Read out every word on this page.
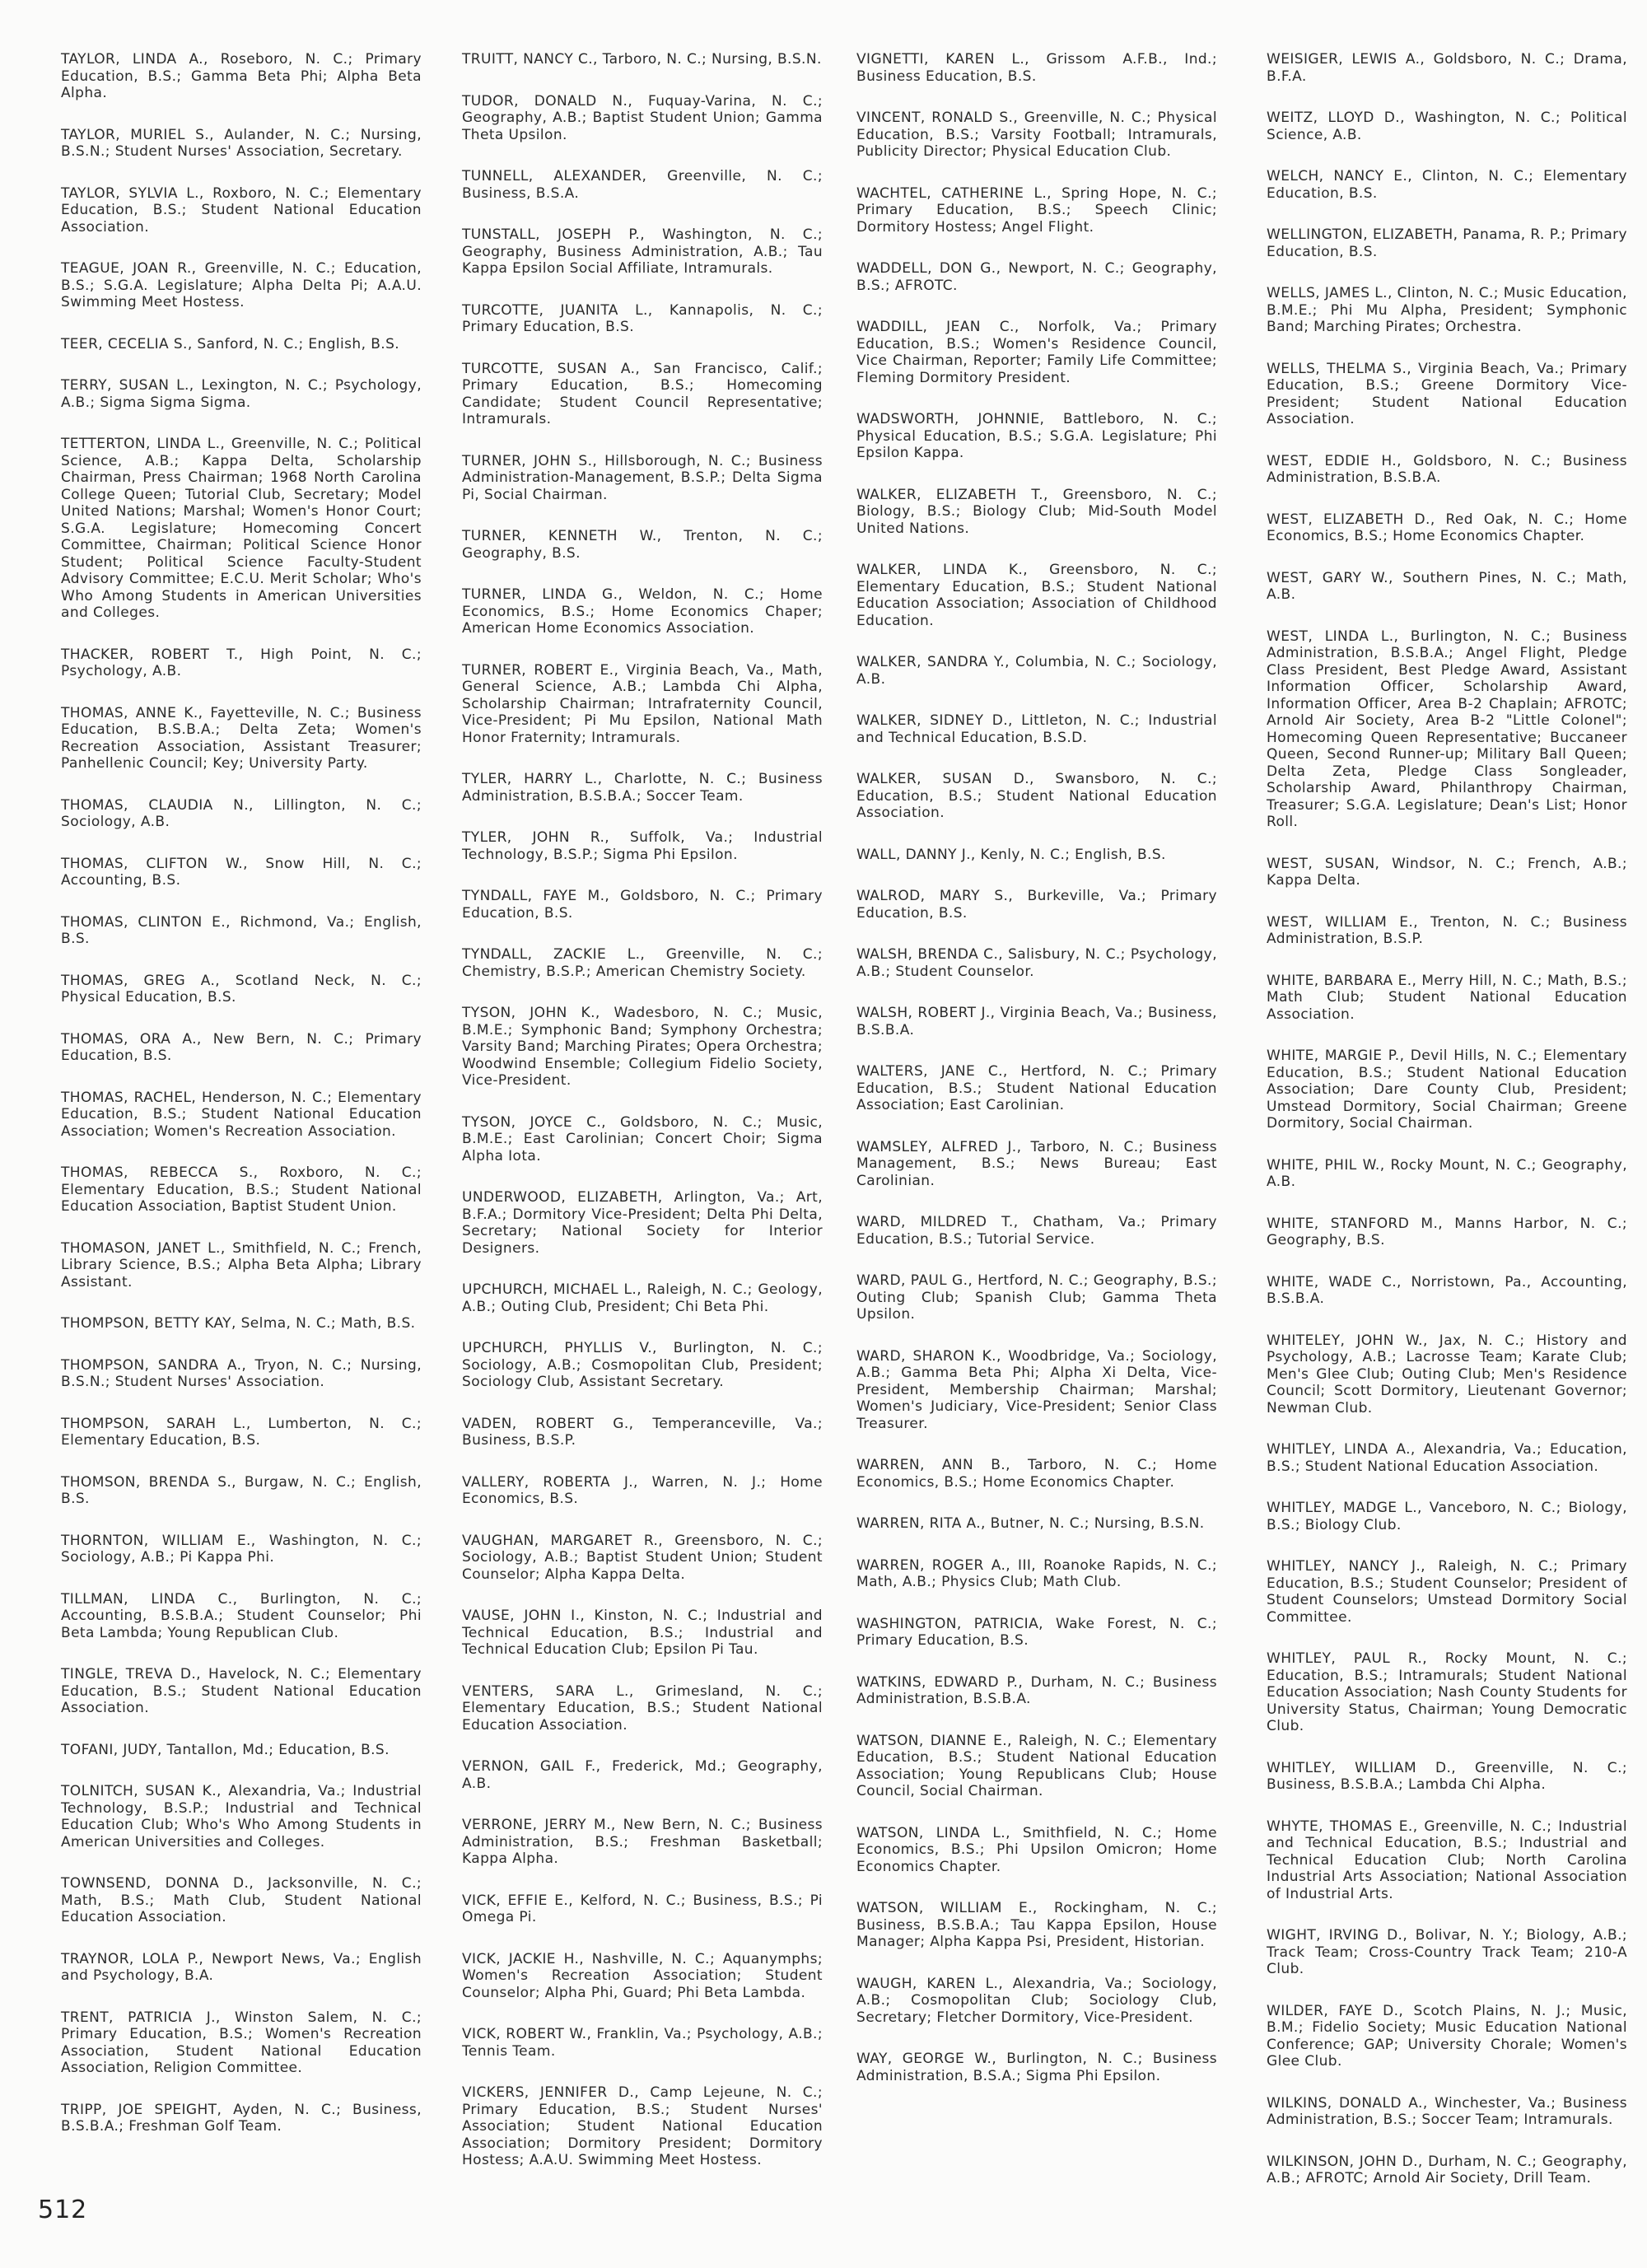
TAYLOR, LINDA A., Roseboro, N. C.; Primary Education, B.S.; Gamma Beta Phi; Alpha Beta Alpha.

TAYLOR, MURIEL S., Aulander, N. C.; Nursing, B.S.N.; Student Nurses' Association, Secretary.

TAYLOR, SYLVIA L., Roxboro, N. C.; Elementary Education, B.S.; Student National Education Association.

TEAGUE, JOAN R., Greenville, N. C.; Education, B.S.; S.G.A. Legislature; Alpha Delta Pi; A.A.U. Swimming Meet Hostess.

TEER, CECELIA S., Sanford, N. C.; English, B.S.

TERRY, SUSAN L., Lexington, N. C.; Psychology, A.B.; Sigma Sigma Sigma.

TETTERTON, LINDA L., Greenville, N. C.; Political Science, A.B.; Kappa Delta, Scholarship Chairman, Press Chairman; 1968 North Carolina College Queen; Tutorial Club, Secretary; Model United Nations; Marshal; Women's Honor Court; S.G.A. Legislature; Homecoming Concert Committee, Chairman; Political Science Honor Student; Political Science Faculty-Student Advisory Committee; E.C.U. Merit Scholar; Who's Who Among Students in American Universities and Colleges.

THACKER, ROBERT T., High Point, N. C.; Psychology, A.B.

THOMAS, ANNE K., Fayetteville, N. C.; Business Education, B.S.B.A.; Delta Zeta; Women's Recreation Association, Assistant Treasurer; Panhellenic Council; Key; University Party.

THOMAS, CLAUDIA N., Lillington, N. C.; Sociology, A.B.

THOMAS, CLIFTON W., Snow Hill, N. C.; Accounting, B.S.

THOMAS, CLINTON E., Richmond, Va.; English, B.S.

THOMAS, GREG A., Scotland Neck, N. C.; Physical Education, B.S.

THOMAS, ORA A., New Bern, N. C.; Primary Education, B.S.

THOMAS, RACHEL, Henderson, N. C.; Elementary Education, B.S.; Student National Education Association; Women's Recreation Association.

THOMAS, REBECCA S., Roxboro, N. C.; Elementary Education, B.S.; Student National Education Association, Baptist Student Union.

THOMASON, JANET L., Smithfield, N. C.; French, Library Science, B.S.; Alpha Beta Alpha; Library Assistant.

THOMPSON, BETTY KAY, Selma, N. C.; Math, B.S.

THOMPSON, SANDRA A., Tryon, N. C.; Nursing, B.S.N.; Student Nurses' Association.

THOMPSON, SARAH L., Lumberton, N. C.; Elementary Education, B.S.

THOMSON, BRENDA S., Burgaw, N. C.; English, B.S.

THORNTON, WILLIAM E., Washington, N. C.; Sociology, A.B.; Pi Kappa Phi.

TILLMAN, LINDA C., Burlington, N. C.; Accounting, B.S.B.A.; Student Counselor; Phi Beta Lambda; Young Republican Club.

TINGLE, TREVA D., Havelock, N. C.; Elementary Education, B.S.; Student National Education Association.

TOFANI, JUDY, Tantallon, Md.; Education, B.S.

TOLNITCH, SUSAN K., Alexandria, Va.; Industrial Technology, B.S.P.; Industrial and Technical Education Club; Who's Who Among Students in American Universities and Colleges.

TOWNSEND, DONNA D., Jacksonville, N. C.; Math, B.S.; Math Club, Student National Education Association.

TRAYNOR, LOLA P., Newport News, Va.; English and Psychology, B.A.

TRENT, PATRICIA J., Winston Salem, N. C.; Primary Education, B.S.; Women's Recreation Association, Student National Education Association, Religion Committee.

TRIPP, JOE SPEIGHT, Ayden, N. C.; Business, B.S.B.A.; Freshman Golf Team.

TRUITT, NANCY C., Tarboro, N. C.; Nursing, B.S.N.

TUDOR, DONALD N., Fuquay-Varina, N. C.; Geography, A.B.; Baptist Student Union; Gamma Theta Upsilon.

TUNNELL, ALEXANDER, Greenville, N. C.; Business, B.S.A.

TUNSTALL, JOSEPH P., Washington, N. C.; Geography, Business Administration, A.B.; Tau Kappa Epsilon Social Affiliate, Intramurals.

TURCOTTE, JUANITA L., Kannapolis, N. C.; Primary Education, B.S.

TURCOTTE, SUSAN A., San Francisco, Calif.; Primary Education, B.S.; Homecoming Candidate; Student Council Representative; Intramurals.

TURNER, JOHN S., Hillsborough, N. C.; Business Administration-Management, B.S.P.; Delta Sigma Pi, Social Chairman.

TURNER, KENNETH W., Trenton, N. C.; Geography, B.S.

TURNER, LINDA G., Weldon, N. C.; Home Economics, B.S.; Home Economics Chaper; American Home Economics Association.

TURNER, ROBERT E., Virginia Beach, Va., Math, General Science, A.B.; Lambda Chi Alpha, Scholarship Chairman; Intrafraternity Council, Vice-President; Pi Mu Epsilon, National Math Honor Fraternity; Intramurals.

TYLER, HARRY L., Charlotte, N. C.; Business Administration, B.S.B.A.; Soccer Team.

TYLER, JOHN R., Suffolk, Va.; Industrial Technology, B.S.P.; Sigma Phi Epsilon.

TYNDALL, FAYE M., Goldsboro, N. C.; Primary Education, B.S.

TYNDALL, ZACKIE L., Greenville, N. C.; Chemistry, B.S.P.; American Chemistry Society.

TYSON, JOHN K., Wadesboro, N. C.; Music, B.M.E.; Symphonic Band; Symphony Orchestra; Varsity Band; Marching Pirates; Opera Orchestra; Woodwind Ensemble; Collegium Fidelio Society, Vice-President.

TYSON, JOYCE C., Goldsboro, N. C.; Music, B.M.E.; East Carolinian; Concert Choir; Sigma Alpha Iota.

UNDERWOOD, ELIZABETH, Arlington, Va.; Art, B.F.A.; Dormitory Vice-President; Delta Phi Delta, Secretary; National Society for Interior Designers.

UPCHURCH, MICHAEL L., Raleigh, N. C.; Geology, A.B.; Outing Club, President; Chi Beta Phi.

UPCHURCH, PHYLLIS V., Burlington, N. C.; Sociology, A.B.; Cosmopolitan Club, President; Sociology Club, Assistant Secretary.

VADEN, ROBERT G., Temperanceville, Va.; Business, B.S.P.

VALLERY, ROBERTA J., Warren, N. J.; Home Economics, B.S.

VAUGHAN, MARGARET R., Greensboro, N. C.; Sociology, A.B.; Baptist Student Union; Student Counselor; Alpha Kappa Delta.

VAUSE, JOHN I., Kinston, N. C.; Industrial and Technical Education, B.S.; Industrial and Technical Education Club; Epsilon Pi Tau.

VENTERS, SARA L., Grimesland, N. C.; Elementary Education, B.S.; Student National Education Association.

VERNON, GAIL F., Frederick, Md.; Geography, A.B.

VERRONE, JERRY M., New Bern, N. C.; Business Administration, B.S.; Freshman Basketball; Kappa Alpha.

VICK, EFFIE E., Kelford, N. C.; Business, B.S.; Pi Omega Pi.

VICK, JACKIE H., Nashville, N. C.; Aquanymphs; Women's Recreation Association; Student Counselor; Alpha Phi, Guard; Phi Beta Lambda.

VICK, ROBERT W., Franklin, Va.; Psychology, A.B.; Tennis Team.

VICKERS, JENNIFER D., Camp Lejeune, N. C.; Primary Education, B.S.; Student Nurses' Association; Student National Education Association; Dormitory President; Dormitory Hostess; A.A.U. Swimming Meet Hostess.

VIGNETTI, KAREN L., Grissom A.F.B., Ind.; Business Education, B.S.

VINCENT, RONALD S., Greenville, N. C.; Physical Education, B.S.; Varsity Football; Intramurals, Publicity Director; Physical Education Club.

WACHTEL, CATHERINE L., Spring Hope, N. C.; Primary Education, B.S.; Speech Clinic; Dormitory Hostess; Angel Flight.

WADDELL, DON G., Newport, N. C.; Geography, B.S.; AFROTC.

WADDILL, JEAN C., Norfolk, Va.; Primary Education, B.S.; Women's Residence Council, Vice Chairman, Reporter; Family Life Committee; Fleming Dormitory President.

WADSWORTH, JOHNNIE, Battleboro, N. C.; Physical Education, B.S.; S.G.A. Legislature; Phi Epsilon Kappa.

WALKER, ELIZABETH T., Greensboro, N. C.; Biology, B.S.; Biology Club; Mid-South Model United Nations.

WALKER, LINDA K., Greensboro, N. C.; Elementary Education, B.S.; Student National Education Association; Association of Childhood Education.

WALKER, SANDRA Y., Columbia, N. C.; Sociology, A.B.

WALKER, SIDNEY D., Littleton, N. C.; Industrial and Technical Education, B.S.D.

WALKER, SUSAN D., Swansboro, N. C.; Education, B.S.; Student National Education Association.

WALL, DANNY J., Kenly, N. C.; English, B.S.

WALROD, MARY S., Burkeville, Va.; Primary Education, B.S.

WALSH, BRENDA C., Salisbury, N. C.; Psychology, A.B.; Student Counselor.

WALSH, ROBERT J., Virginia Beach, Va.; Business, B.S.B.A.

WALTERS, JANE C., Hertford, N. C.; Primary Education, B.S.; Student National Education Association; East Carolinian.

WAMSLEY, ALFRED J., Tarboro, N. C.; Business Management, B.S.; News Bureau; East Carolinian.

WARD, MILDRED T., Chatham, Va.; Primary Education, B.S.; Tutorial Service.

WARD, PAUL G., Hertford, N. C.; Geography, B.S.; Outing Club; Spanish Club; Gamma Theta Upsilon.

WARD, SHARON K., Woodbridge, Va.; Sociology, A.B.; Gamma Beta Phi; Alpha Xi Delta, Vice-President, Membership Chairman; Marshal; Women's Judiciary, Vice-President; Senior Class Treasurer.

WARREN, ANN B., Tarboro, N. C.; Home Economics, B.S.; Home Economics Chapter.

WARREN, RITA A., Butner, N. C.; Nursing, B.S.N.

WARREN, ROGER A., III, Roanoke Rapids, N. C.; Math, A.B.; Physics Club; Math Club.

WASHINGTON, PATRICIA, Wake Forest, N. C.; Primary Education, B.S.

WATKINS, EDWARD P., Durham, N. C.; Business Administration, B.S.B.A.

WATSON, DIANNE E., Raleigh, N. C.; Elementary Education, B.S.; Student National Education Association; Young Republicans Club; House Council, Social Chairman.

WATSON, LINDA L., Smithfield, N. C.; Home Economics, B.S.; Phi Upsilon Omicron; Home Economics Chapter.

WATSON, WILLIAM E., Rockingham, N. C.; Business, B.S.B.A.; Tau Kappa Epsilon, House Manager; Alpha Kappa Psi, President, Historian.

WAUGH, KAREN L., Alexandria, Va.; Sociology, A.B.; Cosmopolitan Club; Sociology Club, Secretary; Fletcher Dormitory, Vice-President.

WAY, GEORGE W., Burlington, N. C.; Business Administration, B.S.A.; Sigma Phi Epsilon.

WEISIGER, LEWIS A., Goldsboro, N. C.; Drama, B.F.A.

WEITZ, LLOYD D., Washington, N. C.; Political Science, A.B.

WELCH, NANCY E., Clinton, N. C.; Elementary Education, B.S.

WELLINGTON, ELIZABETH, Panama, R. P.; Primary Education, B.S.

WELLS, JAMES L., Clinton, N. C.; Music Education, B.M.E.; Phi Mu Alpha, President; Symphonic Band; Marching Pirates; Orchestra.

WELLS, THELMA S., Virginia Beach, Va.; Primary Education, B.S.; Greene Dormitory Vice-President; Student National Education Association.

WEST, EDDIE H., Goldsboro, N. C.; Business Administration, B.S.B.A.

WEST, ELIZABETH D., Red Oak, N. C.; Home Economics, B.S.; Home Economics Chapter.

WEST, GARY W., Southern Pines, N. C.; Math, A.B.

WEST, LINDA L., Burlington, N. C.; Business Administration, B.S.B.A.; Angel Flight, Pledge Class President, Best Pledge Award, Assistant Information Officer, Scholarship Award, Information Officer, Area B-2 Chaplain; AFROTC; Arnold Air Society, Area B-2 "Little Colonel"; Homecoming Queen Representative; Buccaneer Queen, Second Runner-up; Military Ball Queen; Delta Zeta, Pledge Class Songleader, Scholarship Award, Philanthropy Chairman, Treasurer; S.G.A. Legislature; Dean's List; Honor Roll.

WEST, SUSAN, Windsor, N. C.; French, A.B.; Kappa Delta.

WEST, WILLIAM E., Trenton, N. C.; Business Administration, B.S.P.

WHITE, BARBARA E., Merry Hill, N. C.; Math, B.S.; Math Club; Student National Education Association.

WHITE, MARGIE P., Devil Hills, N. C.; Elementary Education, B.S.; Student National Education Association; Dare County Club, President; Umstead Dormitory, Social Chairman; Greene Dormitory, Social Chairman.

WHITE, PHIL W., Rocky Mount, N. C.; Geography, A.B.

WHITE, STANFORD M., Manns Harbor, N. C.; Geography, B.S.

WHITE, WADE C., Norristown, Pa., Accounting, B.S.B.A.

WHITELEY, JOHN W., Jax, N. C.; History and Psychology, A.B.; Lacrosse Team; Karate Club; Men's Glee Club; Outing Club; Men's Residence Council; Scott Dormitory, Lieutenant Governor; Newman Club.

WHITLEY, LINDA A., Alexandria, Va.; Education, B.S.; Student National Education Association.

WHITLEY, MADGE L., Vanceboro, N. C.; Biology, B.S.; Biology Club.

WHITLEY, NANCY J., Raleigh, N. C.; Primary Education, B.S.; Student Counselor; President of Student Counselors; Umstead Dormitory Social Committee.

WHITLEY, PAUL R., Rocky Mount, N. C.; Education, B.S.; Intramurals; Student National Education Association; Nash County Students for University Status, Chairman; Young Democratic Club.

WHITLEY, WILLIAM D., Greenville, N. C.; Business, B.S.B.A.; Lambda Chi Alpha.

WHYTE, THOMAS E., Greenville, N. C.; Industrial and Technical Education, B.S.; Industrial and Technical Education Club; North Carolina Industrial Arts Association; National Association of Industrial Arts.

WIGHT, IRVING D., Bolivar, N. Y.; Biology, A.B.; Track Team; Cross-Country Track Team; 210-A Club.

WILDER, FAYE D., Scotch Plains, N. J.; Music, B.M.; Fidelio Society; Music Education National Conference; GAP; University Chorale; Women's Glee Club.

WILKINS, DONALD A., Winchester, Va.; Business Administration, B.S.; Soccer Team; Intramurals.

WILKINSON, JOHN D., Durham, N. C.; Geography, A.B.; AFROTC; Arnold Air Society, Drill Team.

512
